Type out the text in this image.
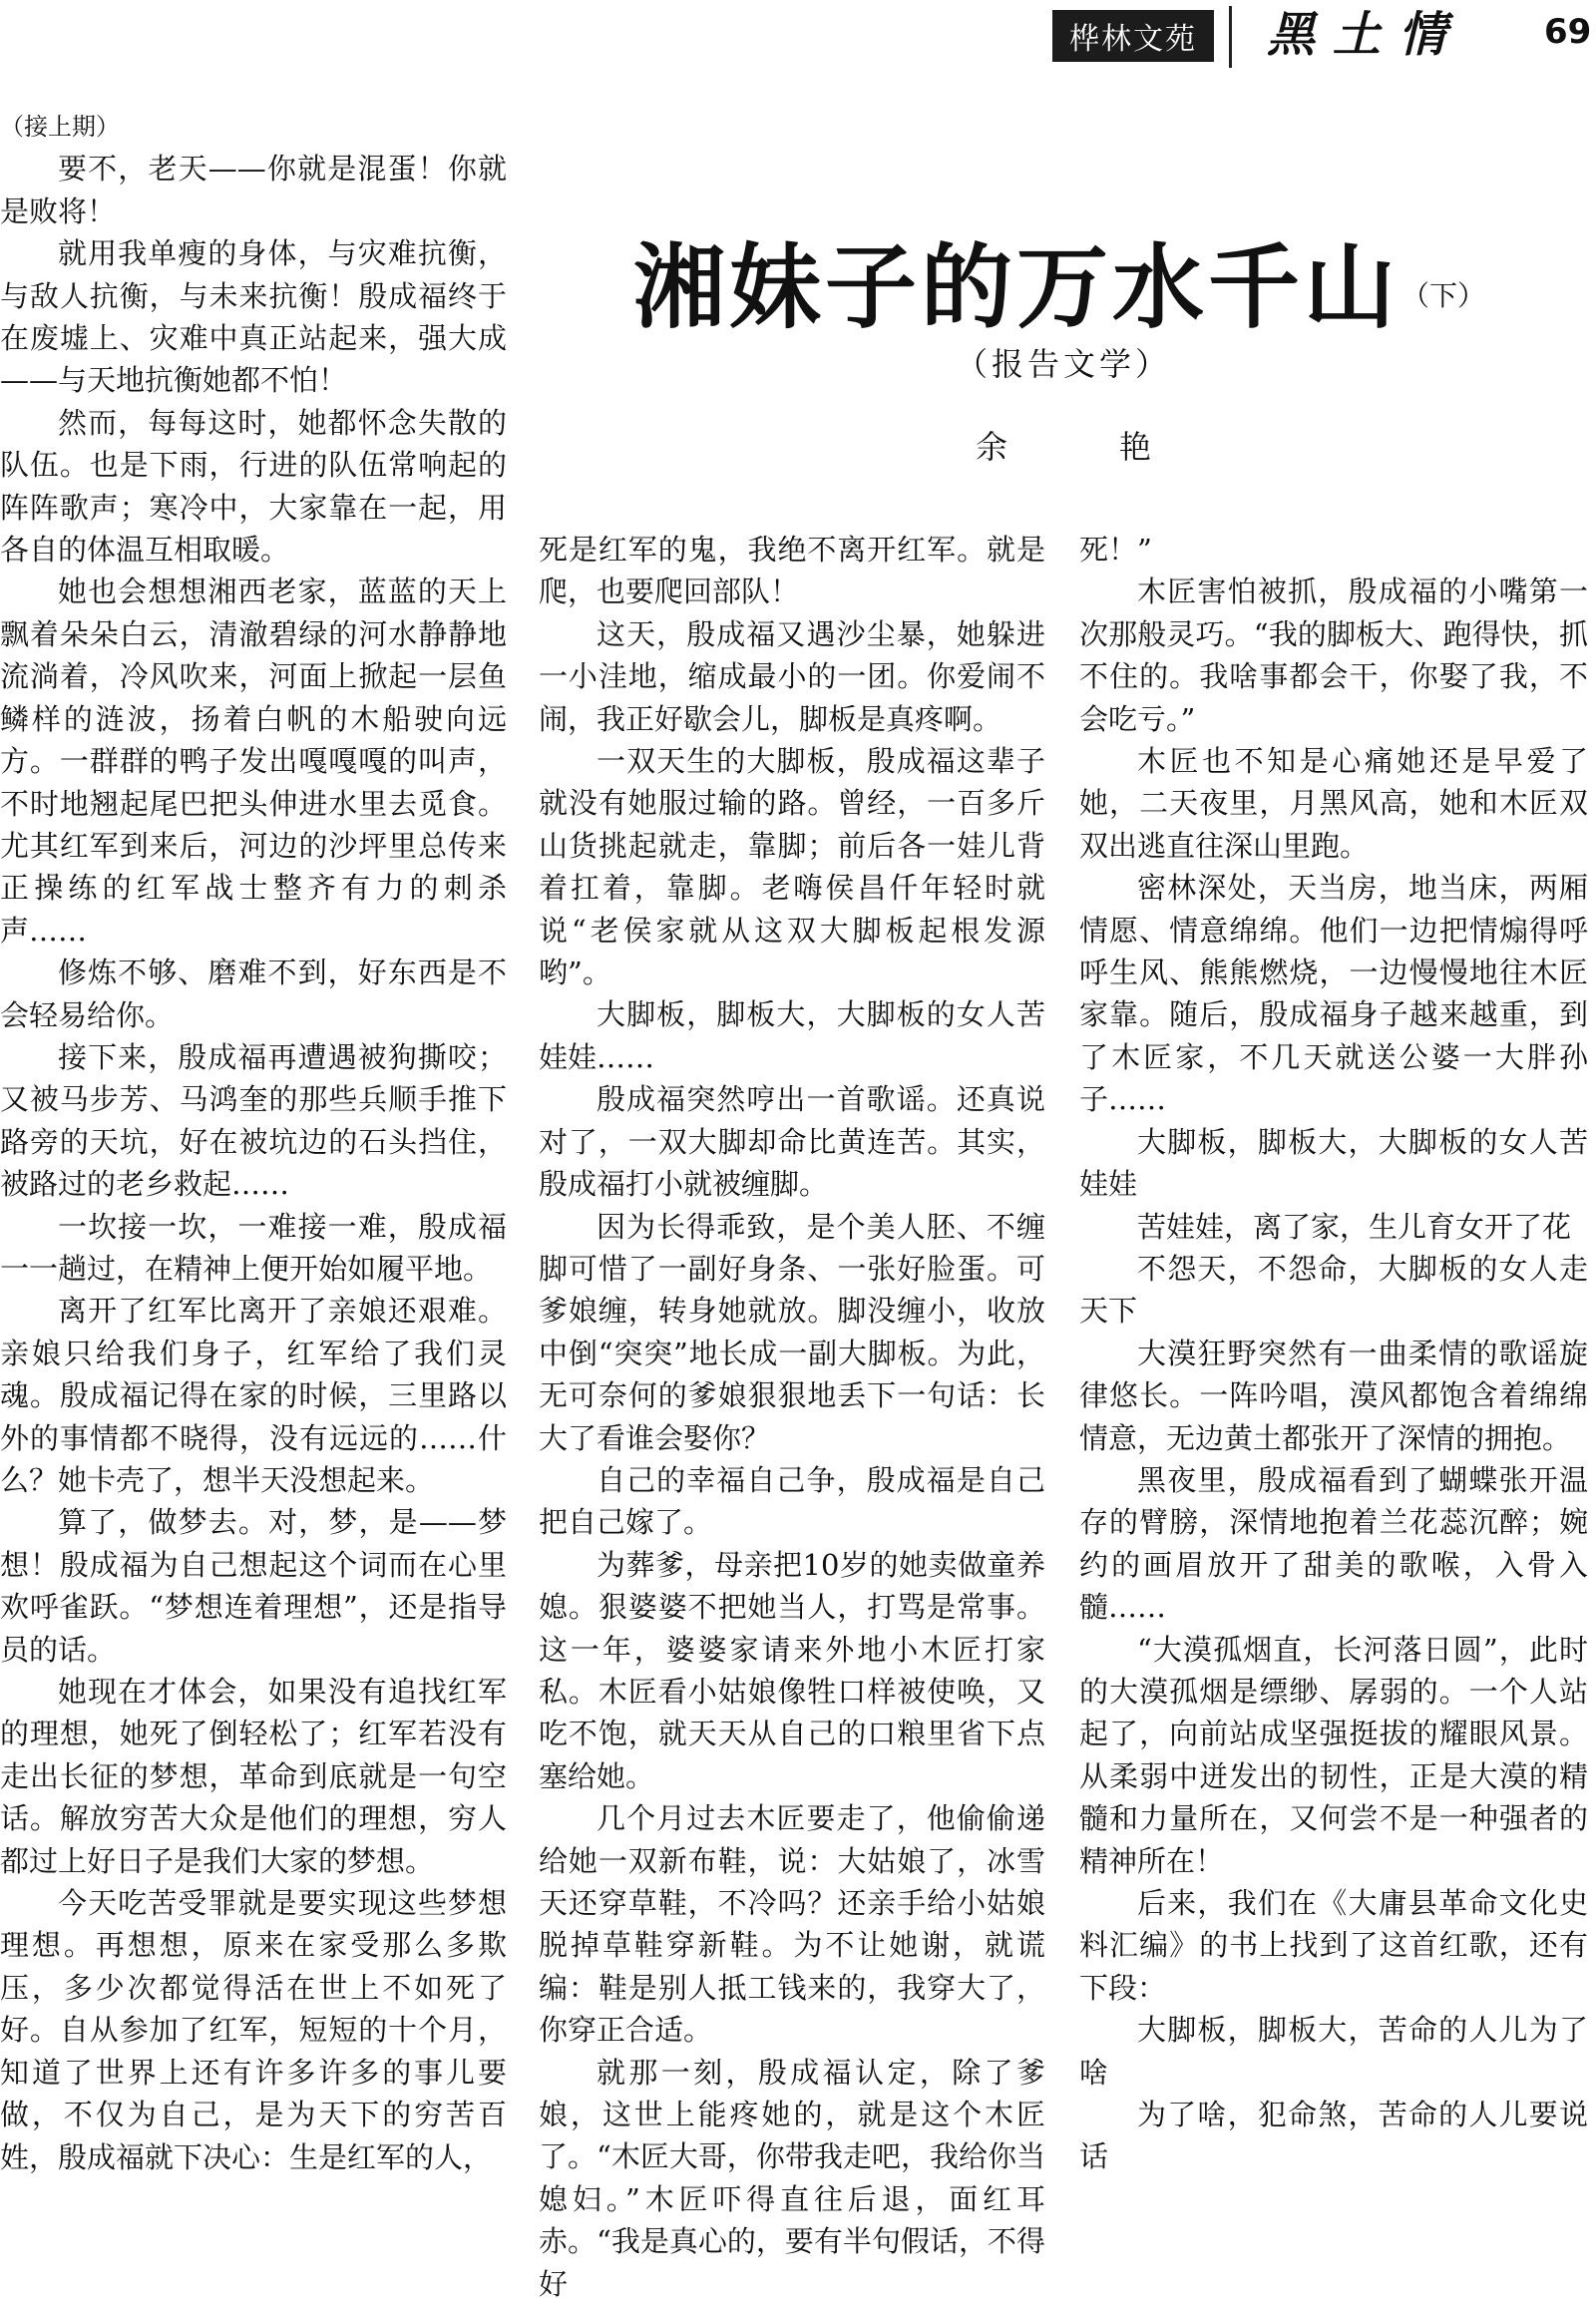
桦林文苑	黑土情	69
湘妹子的万水千山 （下）
（报告文学）
余　艳

（接上期）

要不，老天——你就是混蛋！你就是败将！

就用我单瘦的身体，与灾难抗衡，与敌人抗衡，与未来抗衡！殷成福终于在废墟上、灾难中真正站起来，强大成——与天地抗衡她都不怕！

然而，每每这时，她都怀念失散的队伍。也是下雨，行进的队伍常响起的阵阵歌声；寒冷中，大家靠在一起，用各自的体温互相取暖。

她也会想想湘西老家，蓝蓝的天上飘着朵朵白云，清澈碧绿的河水静静地流淌着，冷风吹来，河面上掀起一层鱼鳞样的涟波，扬着白帆的木船驶向远方。一群群的鸭子发出嘎嘎嘎的叫声，不时地翘起尾巴把头伸进水里去觅食。尤其红军到来后，河边的沙坪里总传来正操练的红军战士整齐有力的刺杀声……

修炼不够、磨难不到，好东西是不会轻易给你。

接下来，殷成福再遭遇被狗撕咬；又被马步芳、马鸿奎的那些兵顺手推下路旁的天坑，好在被坑边的石头挡住，被路过的老乡救起……

一坎接一坎，一难接一难，殷成福一一趟过，在精神上便开始如履平地。

离开了红军比离开了亲娘还艰难。亲娘只给我们身子，红军给了我们灵魂。殷成福记得在家的时候，三里路以外的事情都不晓得，没有远远的……什么？她卡壳了，想半天没想起来。

算了，做梦去。对，梦，是——梦想！殷成福为自己想起这个词而在心里欢呼雀跃。“梦想连着理想”，还是指导员的话。

她现在才体会，如果没有追找红军的理想，她死了倒轻松了；红军若没有走出长征的梦想，革命到底就是一句空话。解放穷苦大众是他们的理想，穷人都过上好日子是我们大家的梦想。

今天吃苦受罪就是要实现这些梦想理想。再想想，原来在家受那么多欺压，多少次都觉得活在世上不如死了好。自从参加了红军，短短的十个月，知道了世界上还有许多许多的事儿要做，不仅为自己，是为天下的穷苦百姓，殷成福就下决心：生是红军的人，

死是红军的鬼，我绝不离开红军。就是爬，也要爬回部队！

这天，殷成福又遇沙尘暴，她躲进一小洼地，缩成最小的一团。你爱闹不闹，我正好歇会儿，脚板是真疼啊。

一双天生的大脚板，殷成福这辈子就没有她服过输的路。曾经，一百多斤山货挑起就走，靠脚；前后各一娃儿背着扛着，靠脚。老嗨侯昌仟年轻时就说“老侯家就从这双大脚板起根发源哟”。

大脚板，脚板大，大脚板的女人苦娃娃……

殷成福突然哼出一首歌谣。还真说对了，一双大脚却命比黄连苦。其实，殷成福打小就被缠脚。

因为长得乖致，是个美人胚、不缠脚可惜了一副好身条、一张好脸蛋。可爹娘缠，转身她就放。脚没缠小，收放中倒“突突”地长成一副大脚板。为此，无可奈何的爹娘狠狠地丢下一句话：长大了看谁会娶你？

自己的幸福自己争，殷成福是自己把自己嫁了。

为葬爹，母亲把10岁的她卖做童养媳。狠婆婆不把她当人，打骂是常事。这一年，婆婆家请来外地小木匠打家私。木匠看小姑娘像牲口样被使唤，又吃不饱，就天天从自己的口粮里省下点塞给她。

几个月过去木匠要走了，他偷偷递给她一双新布鞋，说：大姑娘了，冰雪天还穿草鞋，不冷吗？还亲手给小姑娘脱掉草鞋穿新鞋。为不让她谢，就谎编：鞋是别人抵工钱来的，我穿大了，你穿正合适。

就那一刻，殷成福认定，除了爹娘，这世上能疼她的，就是这个木匠了。“木匠大哥，你带我走吧，我给你当媳妇。”木匠吓得直往后退，面红耳赤。“我是真心的，要有半句假话，不得好

死！”

木匠害怕被抓，殷成福的小嘴第一次那般灵巧。“我的脚板大、跑得快，抓不住的。我啥事都会干，你娶了我，不会吃亏。”

木匠也不知是心痛她还是早爱了她，二天夜里，月黑风高，她和木匠双双出逃直往深山里跑。

密林深处，天当房，地当床，两厢情愿、情意绵绵。他们一边把情煽得呼呼生风、熊熊燃烧，一边慢慢地往木匠家靠。随后，殷成福身子越来越重，到了木匠家，不几天就送公婆一大胖孙子……

大脚板，脚板大，大脚板的女人苦娃娃

苦娃娃，离了家，生儿育女开了花

不怨天，不怨命，大脚板的女人走天下

大漠狂野突然有一曲柔情的歌谣旋律悠长。一阵吟唱，漠风都饱含着绵绵情意，无边黄土都张开了深情的拥抱。

黑夜里，殷成福看到了蝴蝶张开温存的臂膀，深情地抱着兰花蕊沉醉；婉约的画眉放开了甜美的歌喉，入骨入髓……

“大漠孤烟直，长河落日圆”，此时的大漠孤烟是缥缈、孱弱的。一个人站起了，向前站成坚强挺拔的耀眼风景。从柔弱中迸发出的韧性，正是大漠的精髓和力量所在，又何尝不是一种强者的精神所在！

后来，我们在《大庸县革命文化史料汇编》的书上找到了这首红歌，还有下段：

大脚板，脚板大，苦命的人儿为了啥

为了啥，犯命煞，苦命的人儿要说话
